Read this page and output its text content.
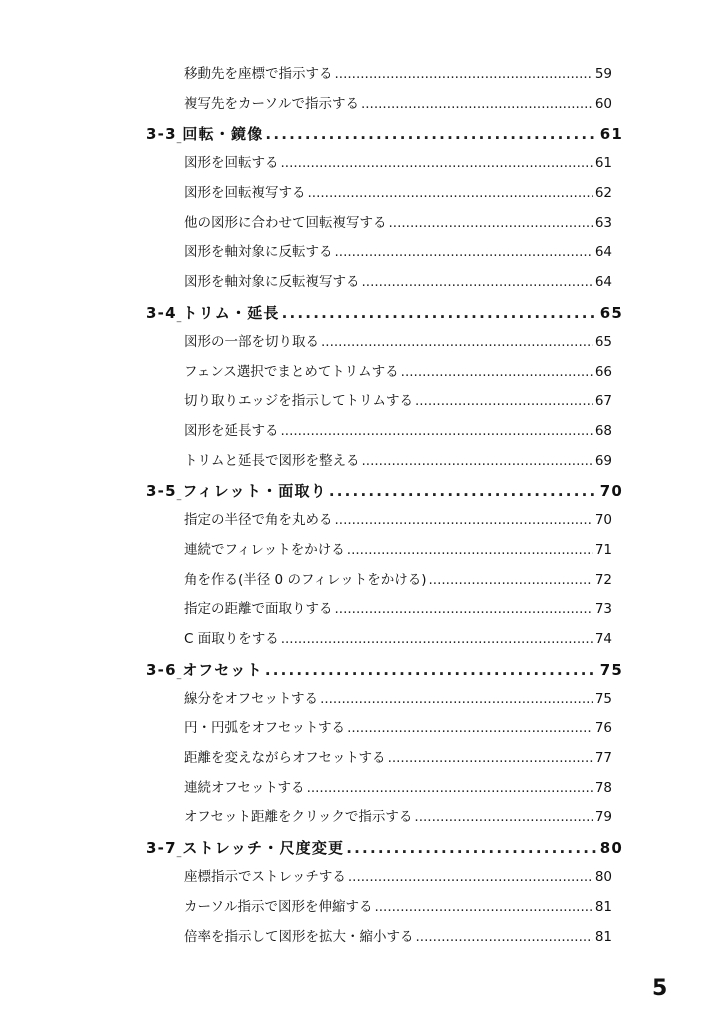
移動先を座標で指示する .....	59
複写先をカーソルで指示する .....	60
3-3 _ 回転・鏡像 .....	61
図形を回転する .....	61
図形を回転複写する .....	62
他の図形に合わせて回転複写する .....	63
図形を軸対象に反転する .....	64
図形を軸対象に反転複写する .....	64
3-4 _ トリム・延長 .....	65
図形の一部を切り取る .....	65
フェンス選択でまとめてトリムする .....	66
切り取りエッジを指示してトリムする .....	67
図形を延長する .....	68
トリムと延長で図形を整える .....	69
3-5 _ フィレット・面取り .....	70
指定の半径で角を丸める .....	70
連続でフィレットをかける .....	71
角を作る(半径 0 のフィレットをかける) .....	72
指定の距離で面取りする .....	73
C 面取りをする .....	74
3-6 _ オフセット .....	75
線分をオフセットする .....	75
円・円弧をオフセットする .....	76
距離を変えながらオフセットする .....	77
連続オフセットする .....	78
オフセット距離をクリックで指示する .....	79
3-7 _ ストレッチ・尺度変更 .....	80
座標指示でストレッチする .....	80
カーソル指示で図形を伸縮する .....	81
倍率を指示して図形を拡大・縮小する .....	81
5
